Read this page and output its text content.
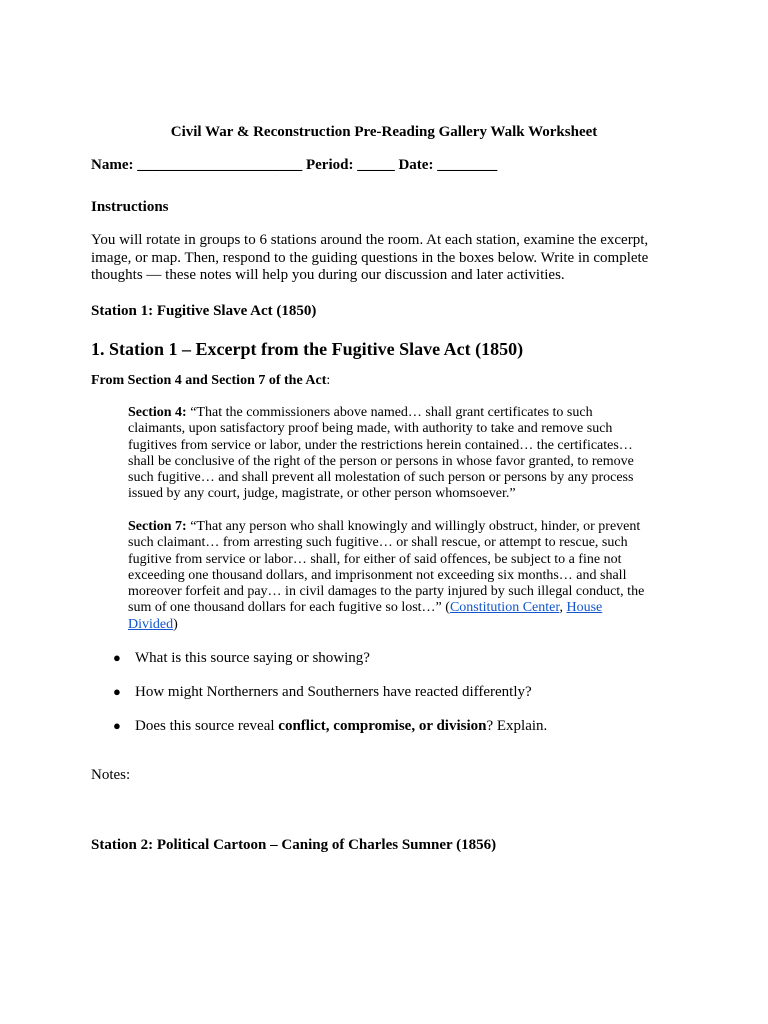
Civil War & Reconstruction Pre-Reading Gallery Walk Worksheet
Name: ______________________ Period: _____ Date: ________
Instructions
You will rotate in groups to 6 stations around the room. At each station, examine the excerpt, image, or map. Then, respond to the guiding questions in the boxes below. Write in complete thoughts — these notes will help you during our discussion and later activities.
Station 1: Fugitive Slave Act (1850)
1. Station 1 – Excerpt from the Fugitive Slave Act (1850)
From Section 4 and Section 7 of the Act:
Section 4: “That the commissioners above named… shall grant certificates to such claimants, upon satisfactory proof being made, with authority to take and remove such fugitives from service or labor, under the restrictions herein contained… the certificates… shall be conclusive of the right of the person or persons in whose favor granted, to remove such fugitive… and shall prevent all molestation of such person or persons by any process issued by any court, judge, magistrate, or other person whomsoever.”
Section 7: “That any person who shall knowingly and willingly obstruct, hinder, or prevent such claimant… from arresting such fugitive… or shall rescue, or attempt to rescue, such fugitive from service or labor… shall, for either of said offences, be subject to a fine not exceeding one thousand dollars, and imprisonment not exceeding six months… and shall moreover forfeit and pay… in civil damages to the party injured by such illegal conduct, the sum of one thousand dollars for each fugitive so lost…” (Constitution Center, House Divided)
● What is this source saying or showing?
● How might Northerners and Southerners have reacted differently?
● Does this source reveal conflict, compromise, or division? Explain.
Notes:
Station 2: Political Cartoon – Caning of Charles Sumner (1856)
